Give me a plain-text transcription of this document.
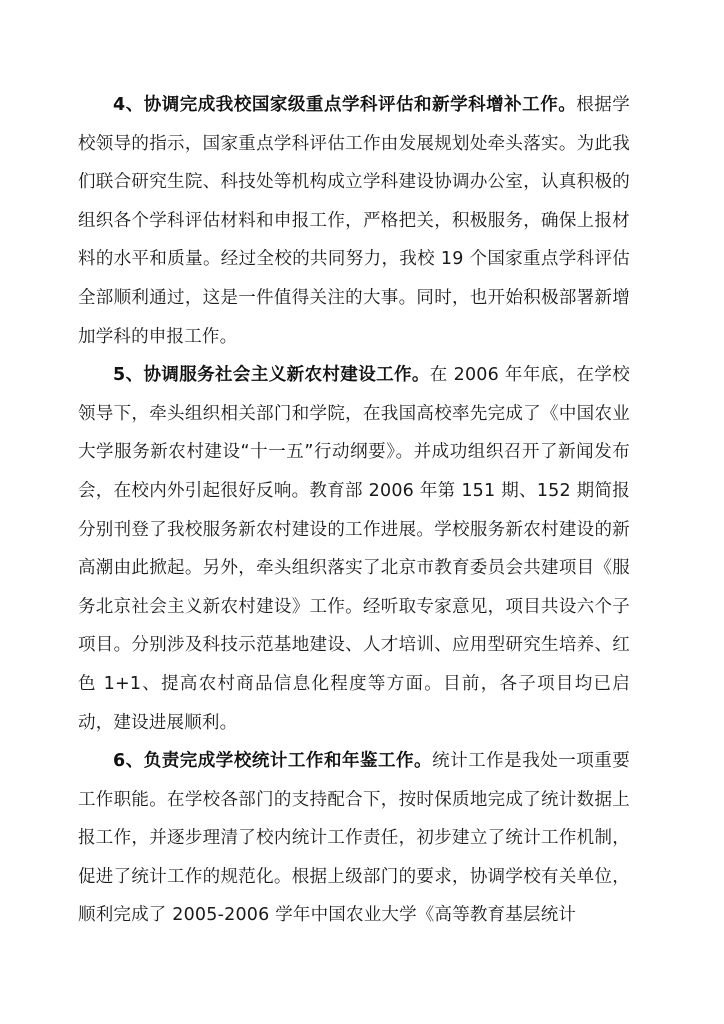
4、协调完成我校国家级重点学科评估和新学科增补工作。根据学校领导的指示，国家重点学科评估工作由发展规划处牵头落实。为此我们联合研究生院、科技处等机构成立学科建设协调办公室，认真积极的组织各个学科评估材料和申报工作，严格把关，积极服务，确保上报材料的水平和质量。经过全校的共同努力，我校 19 个国家重点学科评估全部顺利通过，这是一件值得关注的大事。同时，也开始积极部署新增加学科的申报工作。

5、协调服务社会主义新农村建设工作。在 2006 年年底，在学校领导下，牵头组织相关部门和学院，在我国高校率先完成了《中国农业大学服务新农村建设“十一五”行动纲要》。并成功组织召开了新闻发布会，在校内外引起很好反响。教育部 2006 年第 151 期、152 期简报分别刊登了我校服务新农村建设的工作进展。学校服务新农村建设的新高潮由此掀起。另外，牵头组织落实了北京市教育委员会共建项目《服务北京社会主义新农村建设》工作。经听取专家意见，项目共设六个子项目。分别涉及科技示范基地建设、人才培训、应用型研究生培养、红色 1+1、提高农村商品信息化程度等方面。目前，各子项目均已启动，建设进展顺利。

6、负责完成学校统计工作和年鉴工作。统计工作是我处一项重要工作职能。在学校各部门的支持配合下，按时保质地完成了统计数据上报工作，并逐步理清了校内统计工作责任，初步建立了统计工作机制，促进了统计工作的规范化。根据上级部门的要求，协调学校有关单位，顺利完成了 2005-2006 学年中国农业大学《高等教育基层统计
